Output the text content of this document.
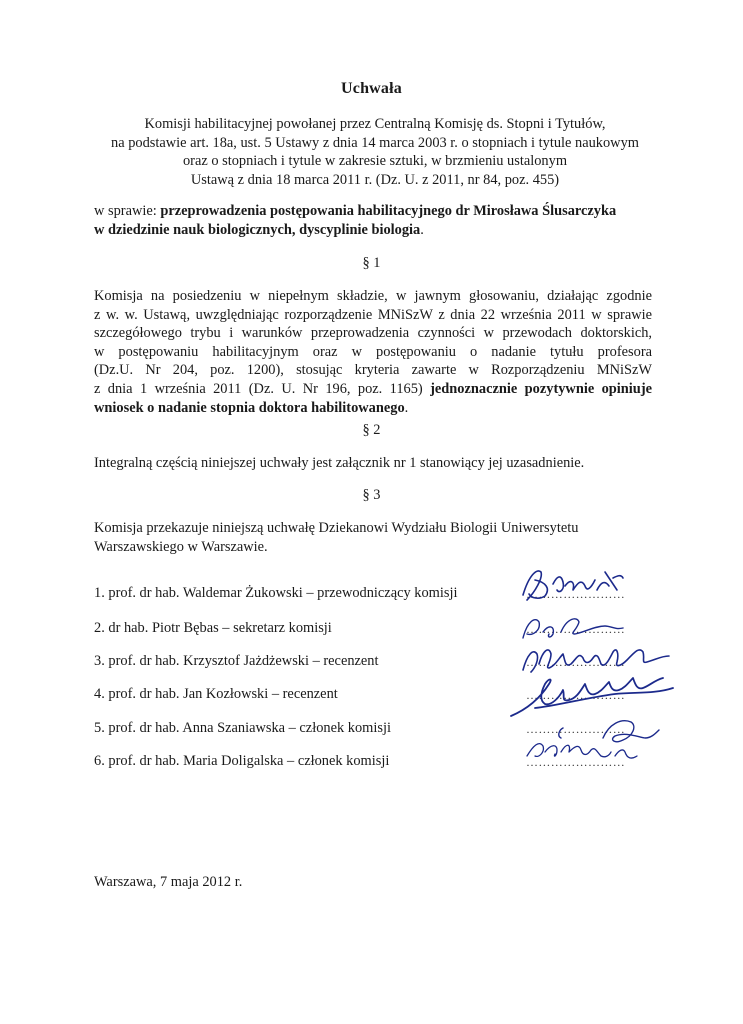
Uchwała
Komisji habilitacyjnej powołanej przez Centralną Komisję ds. Stopni i Tytułów,
na podstawie art. 18a, ust. 5 Ustawy z dnia 14 marca 2003 r. o stopniach i tytule naukowym
oraz o stopniach i tytule w zakresie sztuki, w brzmieniu ustalonym
Ustawą z dnia 18 marca 2011 r. (Dz. U. z 2011, nr 84, poz. 455)
w sprawie: przeprowadzenia postępowania habilitacyjnego dr Mirosława Ślusarczyka
w dziedzinie nauk biologicznych, dyscyplinie biologia.
§ 1
Komisja na posiedzeniu w niepełnym składzie, w jawnym głosowaniu, działając zgodnie
z w. w. Ustawą, uwzględniając rozporządzenie MNiSzW z dnia 22 września 2011 w sprawie
szczegółowego trybu i warunków przeprowadzenia czynności w przewodach doktorskich,
w postępowaniu habilitacyjnym oraz w postępowaniu o nadanie tytułu profesora
(Dz.U. Nr 204, poz. 1200), stosując kryteria zawarte w Rozporządzeniu MNiSzW
z dnia 1 września 2011 (Dz. U. Nr 196, poz. 1165) jednoznacznie pozytywnie opiniuje
wniosek o nadanie stopnia doktora habilitowanego.
§ 2
Integralną częścią niniejszej uchwały jest załącznik nr 1 stanowiący jej uzasadnienie.
§ 3
Komisja przekazuje niniejszą uchwałę Dziekanowi Wydziału Biologii Uniwersytetu
Warszawskiego w Warszawie.
1. prof. dr hab. Waldemar Żukowski – przewodniczący komisji	……………………
2. dr hab. Piotr Bębas – sekretarz komisji	……………………
3. prof. dr hab. Krzysztof Jażdżewski – recenzent	……………………
4. prof. dr hab. Jan Kozłowski – recenzent	……………………
5. prof. dr hab. Anna Szaniawska – członek komisji	……………………
6. prof. dr hab. Maria Doligalska – członek komisji	……………………
Warszawa, 7 maja 2012 r.
